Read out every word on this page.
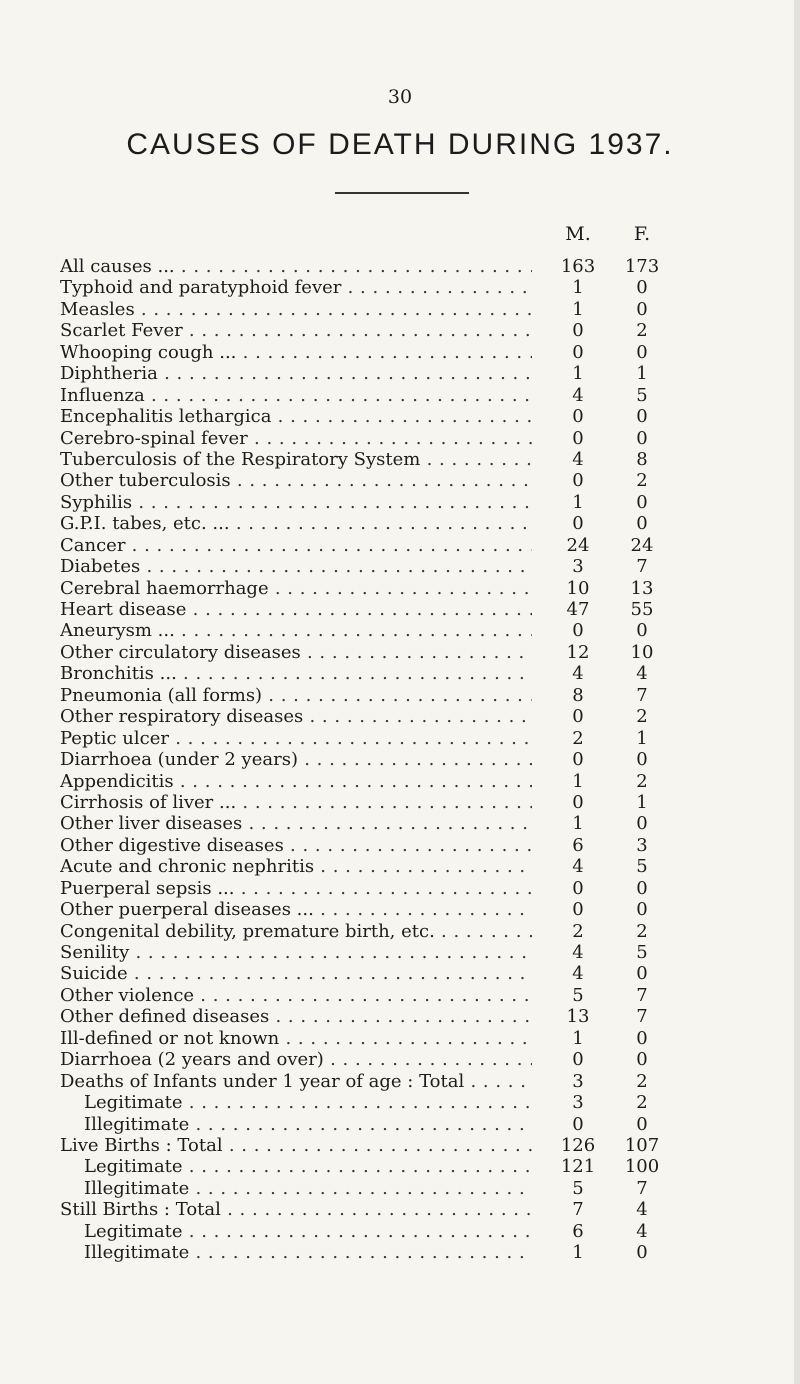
30
CAUSES OF DEATH DURING 1937.
M.	F.
All causes ... . . .	163	173
Typhoid and paratyphoid fever . . .	1	0
Measles . . .	1	0
Scarlet Fever . . .	0	2
Whooping cough ... . . .	0	0
Diphtheria . . .	1	1
Influenza . . .	4	5
Encephalitis lethargica . . .	0	0
Cerebro-spinal fever . . .	0	0
Tuberculosis of the Respiratory System . . .	4	8
Other tuberculosis . . .	0	2
Syphilis . . .	1	0
G.P.I. tabes, etc. ... . . .	0	0
Cancer . . .	24	24
Diabetes . . .	3	7
Cerebral haemorrhage . . .	10	13
Heart disease . . .	47	55
Aneurysm ... . . .	0	0
Other circulatory diseases . . .	12	10
Bronchitis ... . . .	4	4
Pneumonia (all forms) . . .	8	7
Other respiratory diseases . . .	0	2
Peptic ulcer . . .	2	1
Diarrhoea (under 2 years) . . .	0	0
Appendicitis . . .	1	2
Cirrhosis of liver ... . . .	0	1
Other liver diseases . . .	1	0
Other digestive diseases . . .	6	3
Acute and chronic nephritis . . .	4	5
Puerperal sepsis ... . . .	0	0
Other puerperal diseases ... . . .	0	0
Congenital debility, premature birth, etc. . . .	2	2
Senility . . .	4	5
Suicide . . .	4	0
Other violence . . .	5	7
Other defined diseases . . .	13	7
Ill-defined or not known . . .	1	0
Diarrhoea (2 years and over) . . .	0	0
Deaths of Infants under 1 year of age : Total . . .	3	2
Legitimate . . .	3	2
Illegitimate . . .	0	0
Live Births : Total . . .	126	107
Legitimate . . .	121	100
Illegitimate . . .	5	7
Still Births : Total . . .	7	4
Legitimate . . .	6	4
Illegitimate . . .	1	0
